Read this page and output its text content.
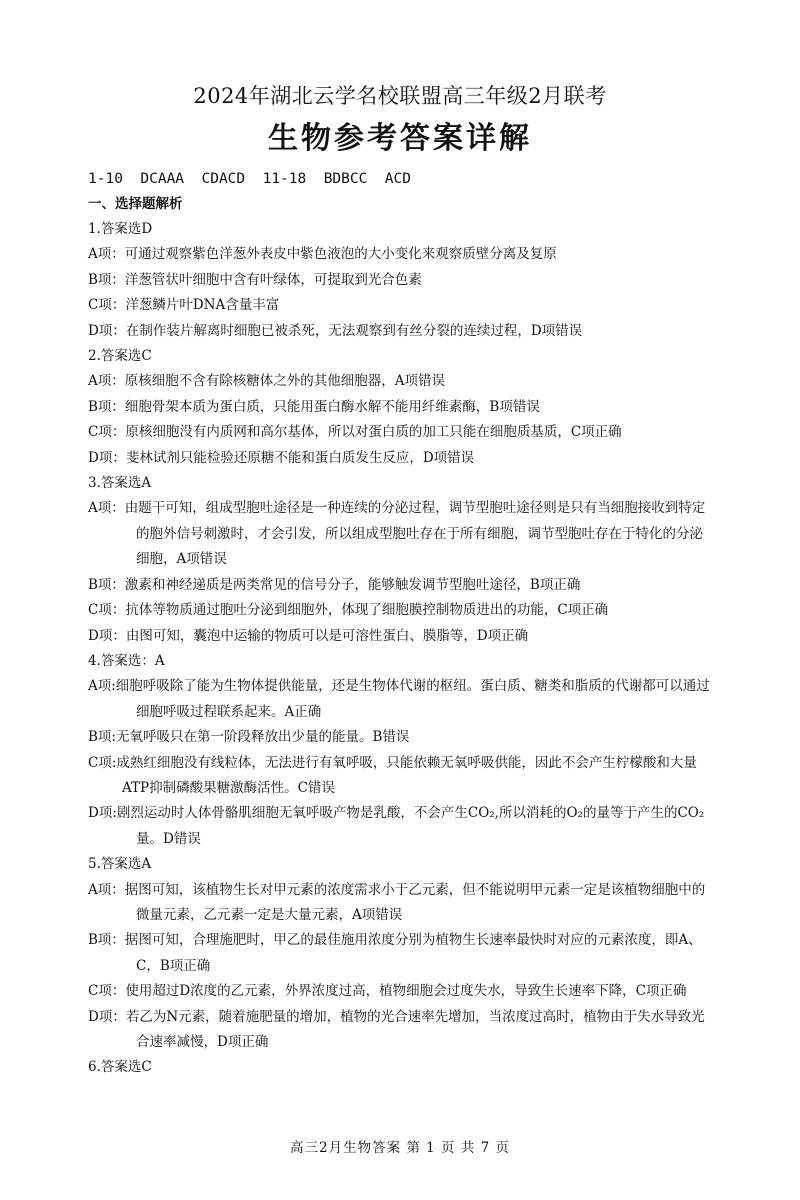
2024年湖北云学名校联盟高三年级2月联考
生物参考答案详解
1-10  DCAAA  CDACD  11-18  BDBCC  ACD
一、选择题解析
1.答案选D
A项：可通过观察紫色洋葱外表皮中紫色液泡的大小变化来观察质壁分离及复原
B项：洋葱管状叶细胞中含有叶绿体，可提取到光合色素
C项：洋葱鳞片叶DNA含量丰富
D项：在制作装片解离时细胞已被杀死，无法观察到有丝分裂的连续过程，D项错误
2.答案选C
A项：原核细胞不含有除核糖体之外的其他细胞器，A项错误
B项：细胞骨架本质为蛋白质，只能用蛋白酶水解不能用纤维素酶，B项错误
C项：原核细胞没有内质网和高尔基体，所以对蛋白质的加工只能在细胞质基质，C项正确
D项：斐林试剂只能检验还原糖不能和蛋白质发生反应，D项错误
3.答案选A
A项：由题干可知，组成型胞吐途径是一种连续的分泌过程，调节型胞吐途径则是只有当细胞接收到特定的胞外信号刺激时，才会引发，所以组成型胞吐存在于所有细胞，调节型胞吐存在于特化的分泌细胞，A项错误
B项：激素和神经递质是两类常见的信号分子，能够触发调节型胞吐途径，B项正确
C项：抗体等物质通过胞吐分泌到细胞外，体现了细胞膜控制物质进出的功能，C项正确
D项：由图可知，囊泡中运输的物质可以是可溶性蛋白、膜脂等，D项正确
4.答案选：A
A项:细胞呼吸除了能为生物体提供能量，还是生物体代谢的枢纽。蛋白质、糖类和脂质的代谢都可以通过细胞呼吸过程联系起来。A正确
B项:无氧呼吸只在第一阶段释放出少量的能量。B错误
C项:成熟红细胞没有线粒体，无法进行有氧呼吸，只能依赖无氧呼吸供能，因此不会产生柠檬酸和大量ATP抑制磷酸果糖激酶活性。C错误
D项:剧烈运动时人体骨骼肌细胞无氧呼吸产物是乳酸，不会产生CO₂,所以消耗的O₂的量等于产生的CO₂量。D错误
5.答案选A
A项：据图可知，该植物生长对甲元素的浓度需求小于乙元素，但不能说明甲元素一定是该植物细胞中的微量元素，乙元素一定是大量元素，A项错误
B项：据图可知，合理施肥时，甲乙的最佳施用浓度分别为植物生长速率最快时对应的元素浓度，即A、C，B项正确
C项：使用超过D浓度的乙元素，外界浓度过高，植物细胞会过度失水，导致生长速率下降，C项正确
D项：若乙为N元素，随着施肥量的增加，植物的光合速率先增加，当浓度过高时，植物由于失水导致光合速率减慢，D项正确
6.答案选C
高三2月生物答案 第 1 页 共 7 页
